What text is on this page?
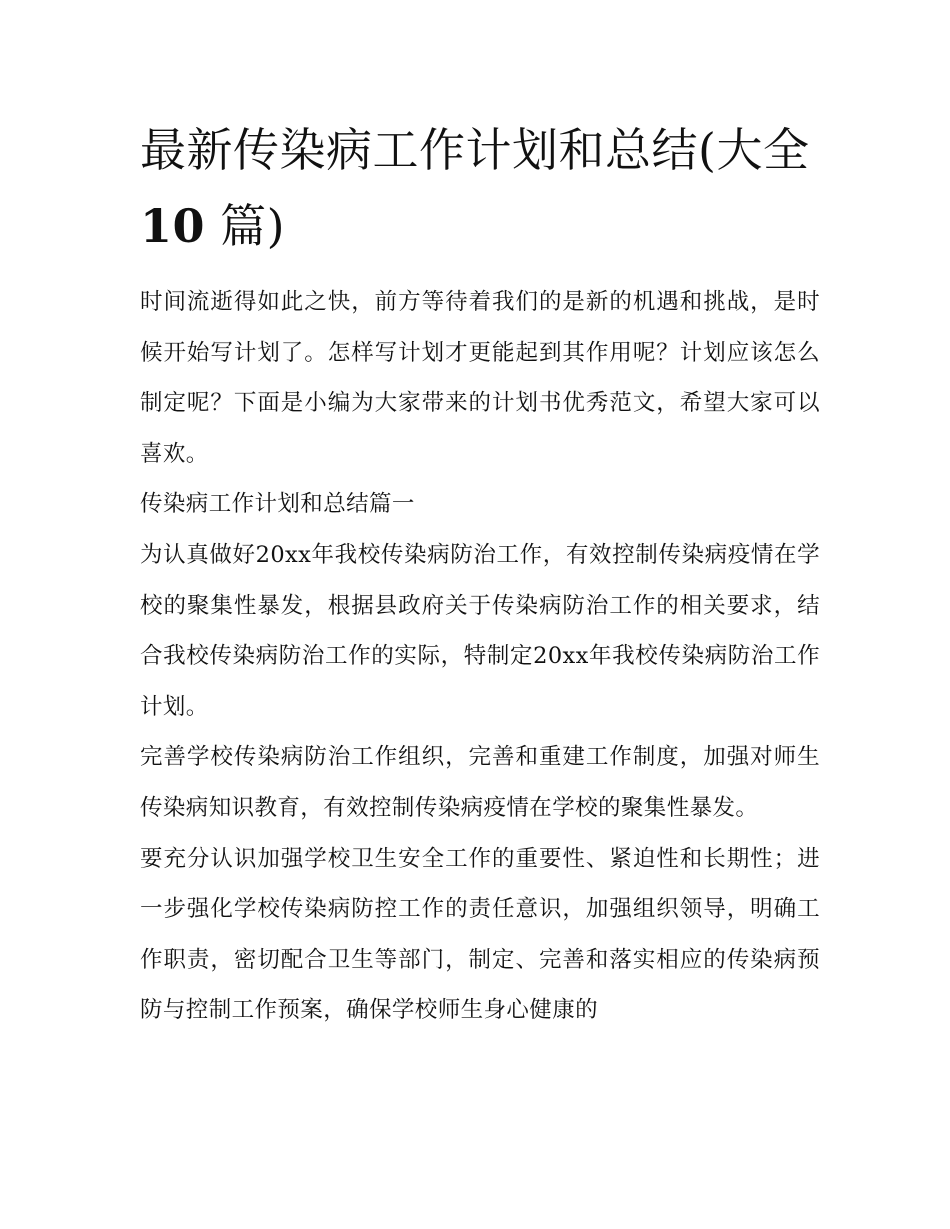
最新传染病工作计划和总结(大全10 篇)

时间流逝得如此之快，前方等待着我们的是新的机遇和挑战，是时候开始写计划了。怎样写计划才更能起到其作用呢？计划应该怎么制定呢？下面是小编为大家带来的计划书优秀范文，希望大家可以喜欢。

传染病工作计划和总结篇一

为认真做好20xx年我校传染病防治工作，有效控制传染病疫情在学校的聚集性暴发，根据县政府关于传染病防治工作的相关要求，结合我校传染病防治工作的实际，特制定20xx年我校传染病防治工作计划。

完善学校传染病防治工作组织，完善和重建工作制度，加强对师生传染病知识教育，有效控制传染病疫情在学校的聚集性暴发。

要充分认识加强学校卫生安全工作的重要性、紧迫性和长期性；进一步强化学校传染病防控工作的责任意识，加强组织领导，明确工作职责，密切配合卫生等部门，制定、完善和落实相应的传染病预防与控制工作预案，确保学校师生身心健康的
